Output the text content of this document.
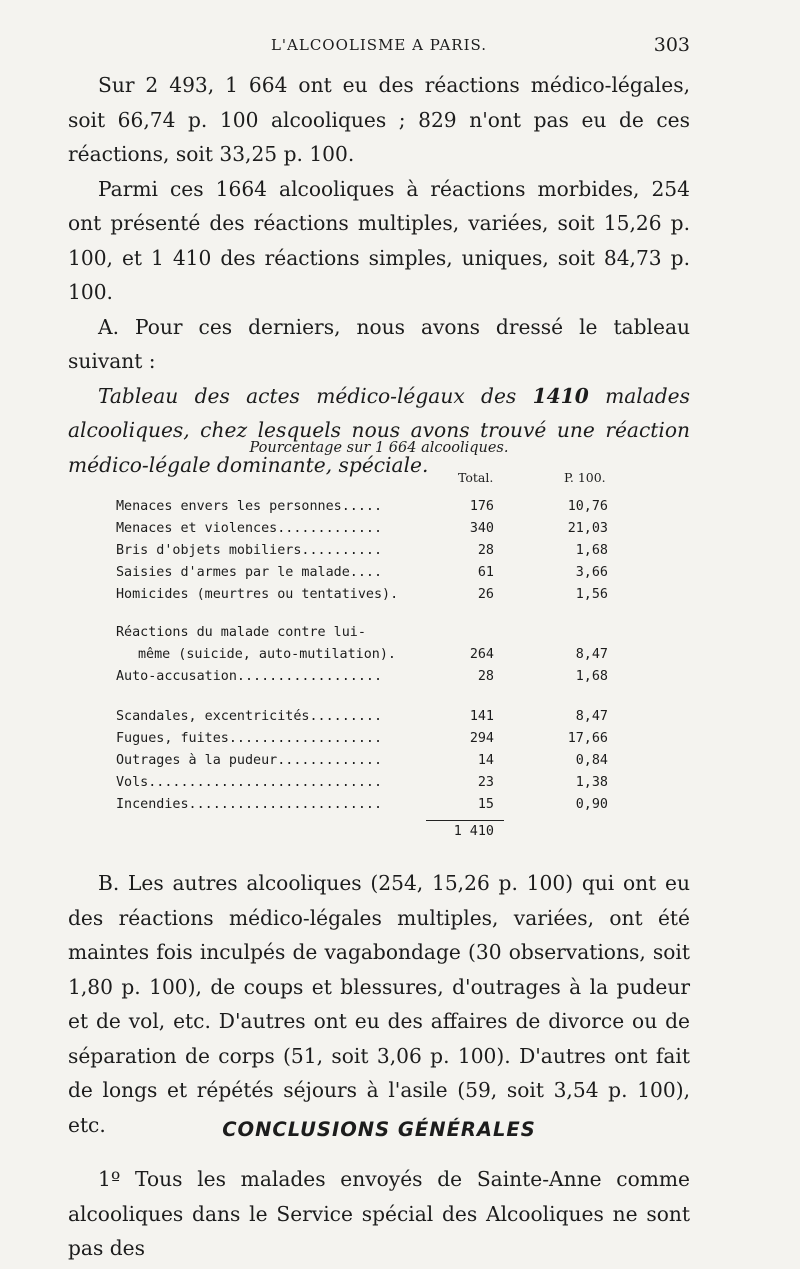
L'ALCOOLISME A PARIS.	303

Sur 2 493, 1 664 ont eu des réactions médico-légales, soit 66,74 p. 100 alcooliques ; 829 n'ont pas eu de ces réactions, soit 33,25 p. 100.

Parmi ces 1664 alcooliques à réactions morbides, 254 ont présenté des réactions multiples, variées, soit 15,26 p. 100, et 1 410 des réactions simples, uniques, soit 84,73 p. 100.

A. Pour ces derniers, nous avons dressé le tableau suivant :

Tableau des actes médico-légaux des 1410 malades alcooliques, chez lesquels nous avons trouvé une réaction médico-légale dominante, spéciale.

Pourcentage sur 1 664 alcooliques.
Total.	P. 100.
Menaces envers les personnes.....	176	10,76
Menaces et violences.............	340	21,03
Bris d'objets mobiliers..........	28	1,68
Saisies d'armes par le malade....	61	3,66
Homicides (meurtres ou tentatives).	26	1,56
Réactions du malade contre lui-
même (suicide, auto-mutilation).	264	8,47
Auto-accusation..................	28	1,68
Scandales, excentricités.........	141	8,47
Fugues, fuites...................	294	17,66
Outrages à la pudeur.............	14	0,84
Vols.............................	23	1,38
Incendies........................	15	0,90
1 410

B. Les autres alcooliques (254, 15,26 p. 100) qui ont eu des réactions médico-légales multiples, variées, ont été maintes fois inculpés de vagabondage (30 observations, soit 1,80 p. 100), de coups et blessures, d'outrages à la pudeur et de vol, etc. D'autres ont eu des affaires de divorce ou de séparation de corps (51, soit 3,06 p. 100). D'autres ont fait de longs et répétés séjours à l'asile (59, soit 3,54 p. 100), etc.	CONCLUSIONS GÉNÉRALES

1º Tous les malades envoyés de Sainte-Anne comme alcooliques dans le Service spécial des Alcooliques ne sont pas des
